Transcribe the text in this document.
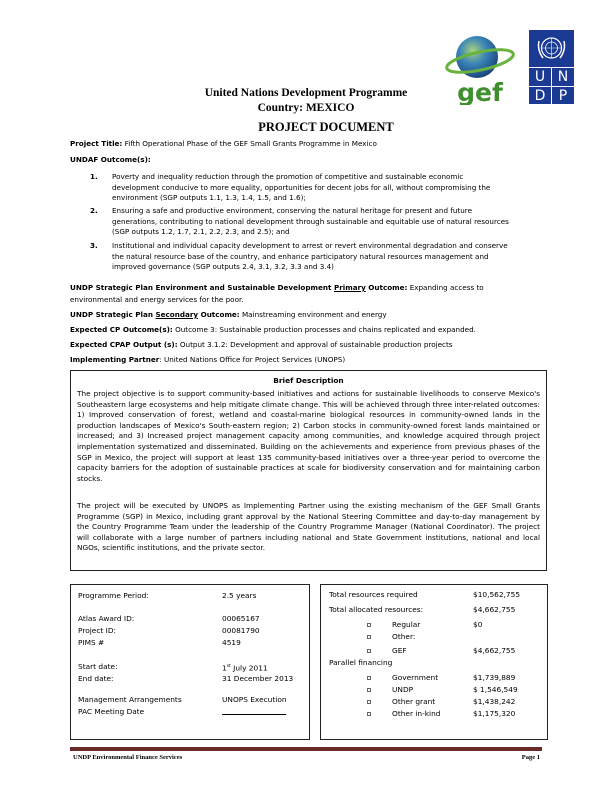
gef
U N
D P
United Nations Development Programme
Country: MEXICO
PROJECT DOCUMENT
Project Title: Fifth Operational Phase of the GEF Small Grants Programme in Mexico
UNDAF Outcome(s):
1.	Poverty and inequality reduction through the promotion of competitive and sustainable economic
development conducive to more equality, opportunities for decent jobs for all, without compromising the
environment (SGP outputs 1.1, 1.3, 1.4, 1.5, and 1.6);
2.	Ensuring a safe and productive environment, conserving the natural heritage for present and future
generations, contributing to national development through sustainable and equitable use of natural resources
(SGP outputs 1.2, 1.7, 2.1, 2.2, 2.3, and 2.5); and
3.	Institutional and individual capacity development to arrest or revert environmental degradation and conserve
the natural resource base of the country, and enhance participatory natural resources management and
improved governance (SGP outputs 2.4, 3.1, 3.2, 3.3 and 3.4)
UNDP Strategic Plan Environment and Sustainable Development Primary Outcome: Expanding access to
environmental and energy services for the poor.
UNDP Strategic Plan Secondary Outcome: Mainstreaming environment and energy
Expected CP Outcome(s): Outcome 3: Sustainable production processes and chains replicated and expanded.
Expected CPAP Output (s): Output 3.1.2: Development and approval of sustainable production projects
Implementing Partner: United Nations Office for Project Services (UNOPS)
Brief Description
The project objective is to support community-based initiatives and actions for sustainable livelihoods to conserve Mexico's Southeastern large ecosystems and help mitigate climate change. This will be achieved through three inter-related outcomes: 1) Improved conservation of forest, wetland and coastal-marine biological resources in community-owned lands in the production landscapes of Mexico's South-eastern region; 2) Carbon stocks in community-owned forest lands maintained or increased; and 3) Increased project management capacity among communities, and knowledge acquired through project implementation systematized and disseminated. Building on the achievements and experience from previous phases of the SGP in Mexico, the project will support at least 135 community-based initiatives over a three-year period to overcome the capacity barriers for the adoption of sustainable practices at scale for biodiversity conservation and for maintaining carbon stocks.
The project will be executed by UNOPS as Implementing Partner using the existing mechanism of the GEF Small Grants Programme (SGP) in Mexico, including grant approval by the National Steering Committee and day-to-day management by the Country Programme Team under the leadership of the Country Programme Manager (National Coordinator). The project will collaborate with a large number of partners including national and State Government institutions, national and local NGOs, scientific institutions, and the private sector.
Programme Period:	2.5 years
Atlas Award ID:	00065167
Project ID:	00081790
PIMS #	4519
Start date:	1st July 2011
End date:	31 December 2013
Management Arrangements	UNOPS Execution
PAC Meeting Date
Total resources required	$10,562,755
Total allocated resources:	$4,662,755
Regular	$0
Other:
GEF	$4,662,755
Parallel financing
Government	$1,739,889
UNDP	$ 1,546,549
Other grant	$1,438,242
Other in-kind	$1,175,320
UNDP Environmental Finance Services	Page 1
